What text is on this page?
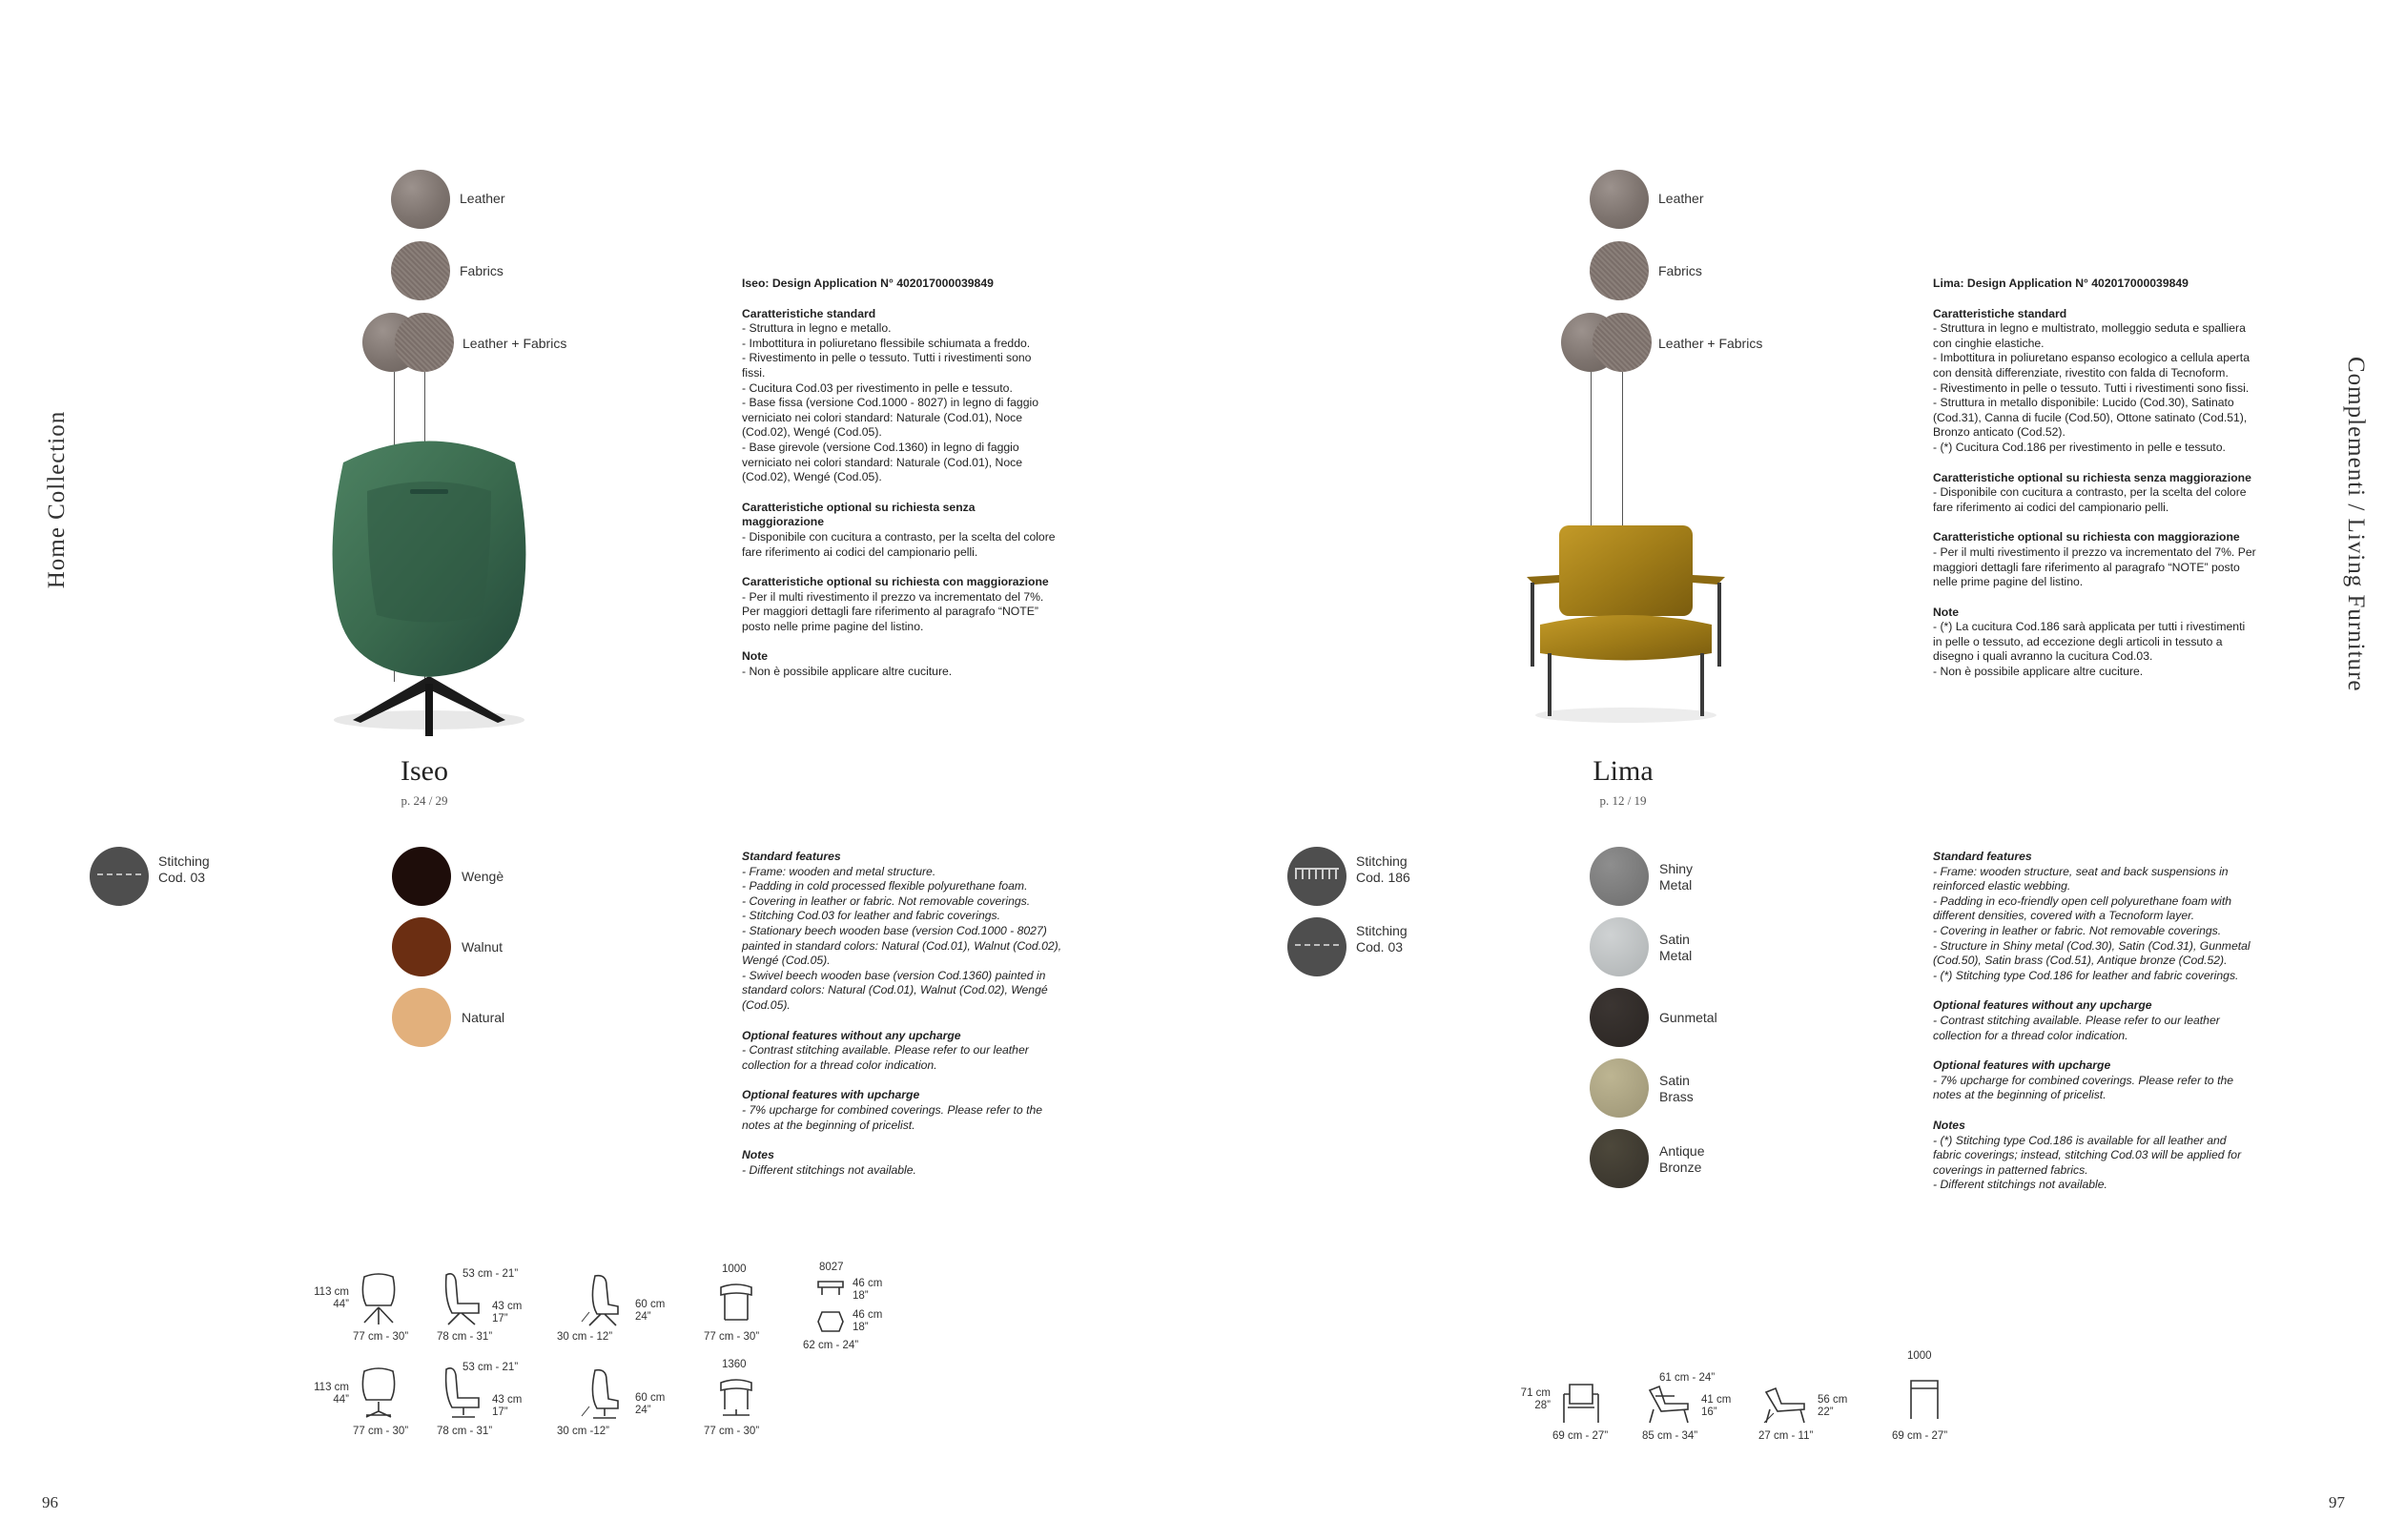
Home Collection
96
Leather
Fabrics
Leather + Fabrics
Iseo
p. 24 / 29
Iseo: Design Application N° 402017000039849
Caratteristiche standard
- Struttura in legno e metallo.
- Imbottitura in poliuretano flessibile schiumata a freddo.
- Rivestimento in pelle o tessuto. Tutti i rivestimenti sono fissi.
- Cucitura Cod.03 per rivestimento in pelle e tessuto.
- Base fissa (versione Cod.1000 - 8027) in legno di faggio verniciato nei colori standard: Naturale (Cod.01), Noce (Cod.02), Wengé (Cod.05).
- Base girevole (versione Cod.1360) in legno di faggio verniciato nei colori standard: Naturale (Cod.01), Noce (Cod.02), Wengé (Cod.05).
Caratteristiche optional su richiesta senza maggiorazione
- Disponibile con cucitura a contrasto, per la scelta del colore fare riferimento ai codici del campionario pelli.
Caratteristiche optional su richiesta con maggiorazione
- Per il multi rivestimento il prezzo va incrementato del 7%. Per maggiori dettagli fare riferimento al paragrafo “NOTE” posto nelle prime pagine del listino.
Note
- Non è possibile applicare altre cuciture.
Stitching
Cod. 03	Wengè
Walnut
Natural
Standard features
- Frame: wooden and metal structure.
- Padding in cold processed flexible polyurethane foam.
- Covering in leather or fabric. Not removable coverings.
- Stitching Cod.03 for leather and fabric coverings.
- Stationary beech wooden base (version Cod.1000 - 8027) painted in standard colors: Natural (Cod.01), Walnut (Cod.02), Wengé (Cod.05).
- Swivel beech wooden base (version Cod.1360) painted in standard colors: Natural (Cod.01), Walnut (Cod.02), Wengé (Cod.05).
Optional features without any upcharge
- Contrast stitching available. Please refer to our leather collection for a thread color indication.
Optional features with upcharge
- 7% upcharge for combined coverings. Please refer to the notes at the beginning of pricelist.
Notes
- Different stitchings not available.
113 cm
44”
77 cm - 30”
53 cm - 21”
43 cm
17”
78 cm - 31”
60 cm
24”
30 cm - 12”
1000
77 cm - 30”
8027
46 cm
18”
46 cm
18”
62 cm - 24”
113 cm
44”
77 cm - 30”
53 cm - 21”
43 cm
17”
78 cm - 31”
60 cm
24”
30 cm -12”
1360
77 cm - 30”
Complementi / Living Furniture
97
Leather
Fabrics
Leather + Fabrics
Lima
p. 12 / 19
Lima: Design Application N° 402017000039849
Caratteristiche standard
- Struttura in legno e multistrato, molleggio seduta e spalliera con cinghie elastiche.
- Imbottitura in poliuretano espanso ecologico a cellula aperta con densità differenziate, rivestito con falda di Tecnoform.
- Rivestimento in pelle o tessuto. Tutti i rivestimenti sono fissi.
- Struttura in metallo disponibile: Lucido (Cod.30), Satinato (Cod.31), Canna di fucile (Cod.50), Ottone satinato (Cod.51), Bronzo anticato (Cod.52).
- (*) Cucitura Cod.186 per rivestimento in pelle e tessuto.
Caratteristiche optional su richiesta senza maggiorazione
- Disponibile con cucitura a contrasto, per la scelta del colore fare riferimento ai codici del campionario pelli.
Caratteristiche optional su richiesta con maggiorazione
- Per il multi rivestimento il prezzo va incrementato del 7%. Per maggiori dettagli fare riferimento al paragrafo “NOTE” posto nelle prime pagine del listino.
Note
- (*) La cucitura Cod.186 sarà applicata per tutti i rivestimenti in pelle o tessuto, ad eccezione degli articoli in tessuto a disegno i quali avranno la cucitura Cod.03.
- Non è possibile applicare altre cuciture.
Stitching
Cod. 186
Stitching
Cod. 03
Shiny
Metal
Satin
Metal
Gunmetal
Satin
Brass
Antique
Bronze
Standard features
- Frame: wooden structure, seat and back suspensions in reinforced elastic webbing.
- Padding in eco-friendly open cell polyurethane foam with different densities, covered with a Tecnoform layer.
- Covering in leather or fabric. Not removable coverings.
- Structure in Shiny metal (Cod.30), Satin (Cod.31), Gunmetal (Cod.50), Satin brass (Cod.51), Antique bronze (Cod.52).
- (*) Stitching type Cod.186 for leather and fabric coverings.
Optional features without any upcharge
- Contrast stitching available. Please refer to our leather collection for a thread color indication.
Optional features with upcharge
- 7% upcharge for combined coverings. Please refer to the notes at the beginning of pricelist.
Notes
- (*) Stitching type Cod.186 is available for all leather and fabric coverings; instead, stitching Cod.03 will be applied for coverings in patterned fabrics.
- Different stitchings not available.
71 cm
28”
69 cm - 27”
61 cm - 24”
41 cm
16”
85 cm - 34”
56 cm
22”
27 cm - 11”
1000
69 cm - 27”
